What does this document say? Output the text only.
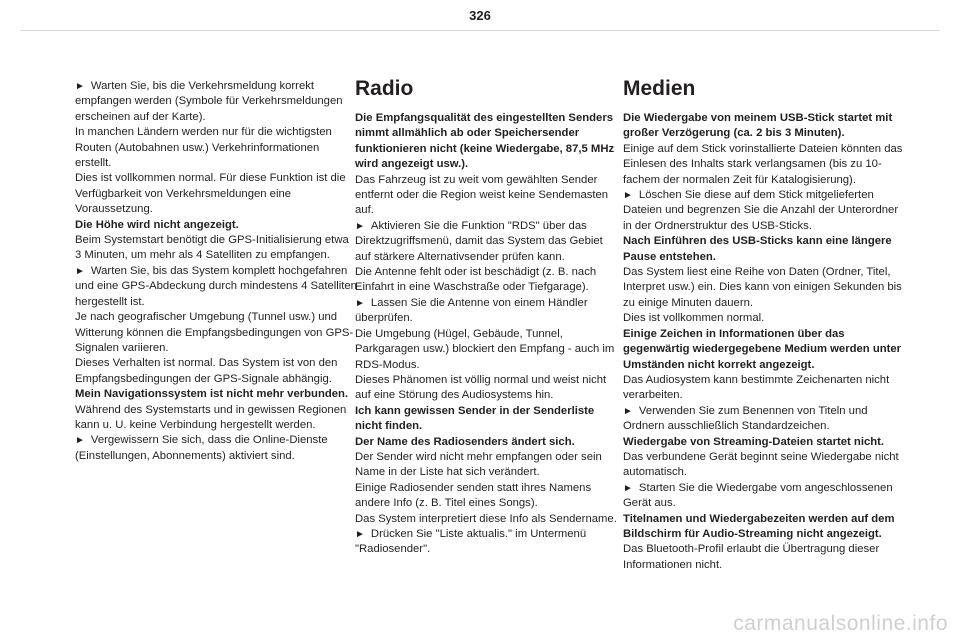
326

► Warten Sie, bis die Verkehrsmeldung korrekt empfangen werden (Symbole für Verkehrsmeldungen erscheinen auf der Karte).

In manchen Ländern werden nur für die wichtigsten Routen (Autobahnen usw.) Verkehrinformationen erstellt.

Dies ist vollkommen normal. Für diese Funktion ist die Verfügbarkeit von Verkehrsmeldungen eine Voraussetzung.

Die Höhe wird nicht angezeigt.

Beim Systemstart benötigt die GPS-Initialisierung etwa 3 Minuten, um mehr als 4 Satelliten zu empfangen.

► Warten Sie, bis das System komplett hochgefahren und eine GPS-Abdeckung durch mindestens 4 Satelliten hergestellt ist.

Je nach geografischer Umgebung (Tunnel usw.) und Witterung können die Empfangsbedingungen von GPS-Signalen variieren.

Dieses Verhalten ist normal. Das System ist von den Empfangsbedingungen der GPS-Signale abhängig.

Mein Navigationssystem ist nicht mehr verbunden.

Während des Systemstarts und in gewissen Regionen kann u. U. keine Verbindung hergestellt werden.

► Vergewissern Sie sich, dass die Online-Dienste (Einstellungen, Abonnements) aktiviert sind.

Radio

Die Empfangsqualität des eingestellten Senders nimmt allmählich ab oder Speichersender funktionieren nicht (keine Wiedergabe, 87,5 MHz wird angezeigt usw.).

Das Fahrzeug ist zu weit vom gewählten Sender entfernt oder die Region weist keine Sendemasten auf.

► Aktivieren Sie die Funktion "RDS" über das Direktzugriffsmenü, damit das System das Gebiet auf stärkere Alternativsender prüfen kann.

Die Antenne fehlt oder ist beschädigt (z. B. nach Einfahrt in eine Waschstraße oder Tiefgarage).

► Lassen Sie die Antenne von einem Händler überprüfen.

Die Umgebung (Hügel, Gebäude, Tunnel, Parkgaragen usw.) blockiert den Empfang - auch im RDS-Modus.

Dieses Phänomen ist völlig normal und weist nicht auf eine Störung des Audiosystems hin.

Ich kann gewissen Sender in der Senderliste nicht finden.

Der Name des Radiosenders ändert sich.

Der Sender wird nicht mehr empfangen oder sein Name in der Liste hat sich verändert.

Einige Radiosender senden statt ihres Namens andere Info (z. B. Titel eines Songs).

Das System interpretiert diese Info als Sendername.

► Drücken Sie "Liste aktualis." im Untermenü "Radiosender".

Medien

Die Wiedergabe von meinem USB-Stick startet mit großer Verzögerung (ca. 2 bis 3 Minuten).

Einige auf dem Stick vorinstallierte Dateien könnten das Einlesen des Inhalts stark verlangsamen (bis zu 10-fachem der normalen Zeit für Katalogisierung).

► Löschen Sie diese auf dem Stick mitgelieferten Dateien und begrenzen Sie die Anzahl der Unterordner in der Ordnerstruktur des USB-Sticks.

Nach Einführen des USB-Sticks kann eine längere Pause entstehen.

Das System liest eine Reihe von Daten (Ordner, Titel, Interpret usw.) ein. Dies kann von einigen Sekunden bis zu einige Minuten dauern.

Dies ist vollkommen normal.

Einige Zeichen in Informationen über das gegenwärtig wiedergegebene Medium werden unter Umständen nicht korrekt angezeigt.

Das Audiosystem kann bestimmte Zeichenarten nicht verarbeiten.

► Verwenden Sie zum Benennen von Titeln und Ordnern ausschließlich Standardzeichen.

Wiedergabe von Streaming-Dateien startet nicht.

Das verbundene Gerät beginnt seine Wiedergabe nicht automatisch.

► Starten Sie die Wiedergabe vom angeschlossenen Gerät aus.

Titelnamen und Wiedergabezeiten werden auf dem Bildschirm für Audio-Streaming nicht angezeigt.

Das Bluetooth-Profil erlaubt die Übertragung dieser Informationen nicht.

carmanualsonline.info
